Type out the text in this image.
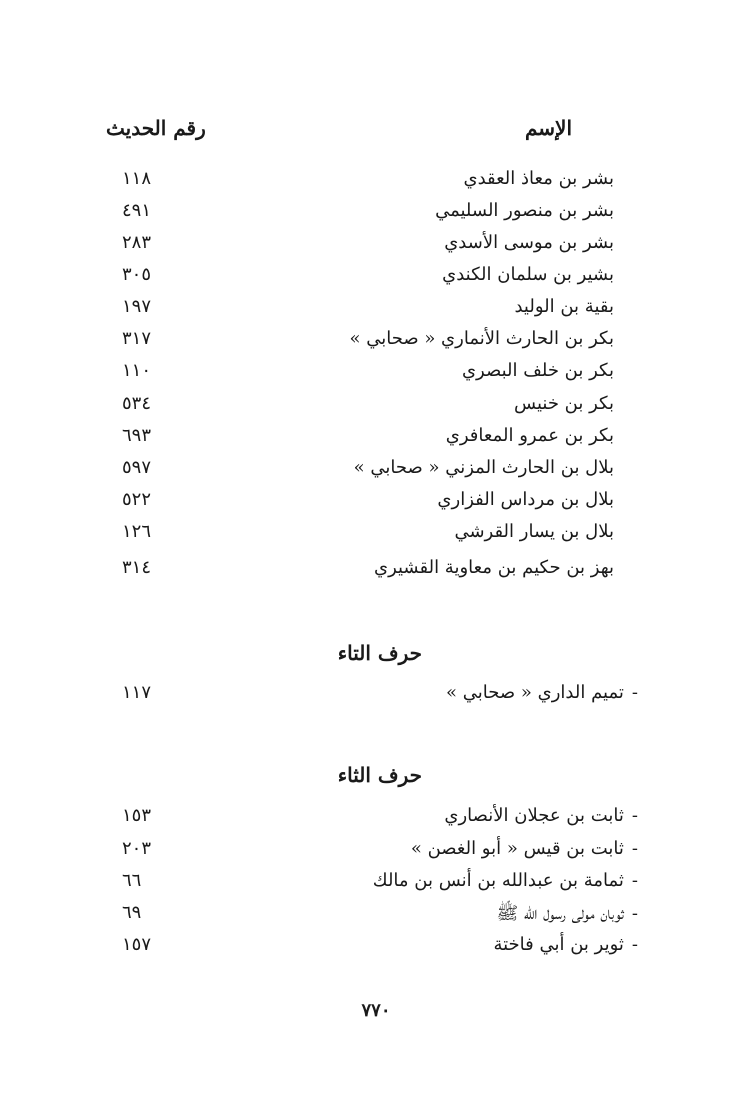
الإسم
رقم الحديث
بشر بن معاذ العقدي
١١٨
بشر بن منصور السليمي
٤٩١
بشر بن موسى الأسدي
٢٨٣
بشير بن سلمان الكندي
٣٠٥
بقية بن الوليد
١٩٧
بكر بن الحارث الأنماري « صحابي »
٣١٧
بكر بن خلف البصري
١١٠
بكر بن خنيس
٥٣٤
بكر بن عمرو المعافري
٦٩٣
بلال بن الحارث المزني « صحابي »
٥٩٧
بلال بن مرداس الفزاري
٥٢٢
بلال بن يسار القرشي
١٢٦
بهز بن حكيم بن معاوية القشيري
٣١٤
حرف التاء
- تميم الداري « صحابي »
١١٧
حرف الثاء
- ثابت بن عجلان الأنصاري
١٥٣
- ثابت بن قيس « أبو الغصن »
٢٠٣
- ثمامة بن عبدالله بن أنس بن مالك
٦٦
- ثوبان مولى رسول الله ﷺ
٦٩
- ثوير بن أبي فاختة
١٥٧
٧٧٠
